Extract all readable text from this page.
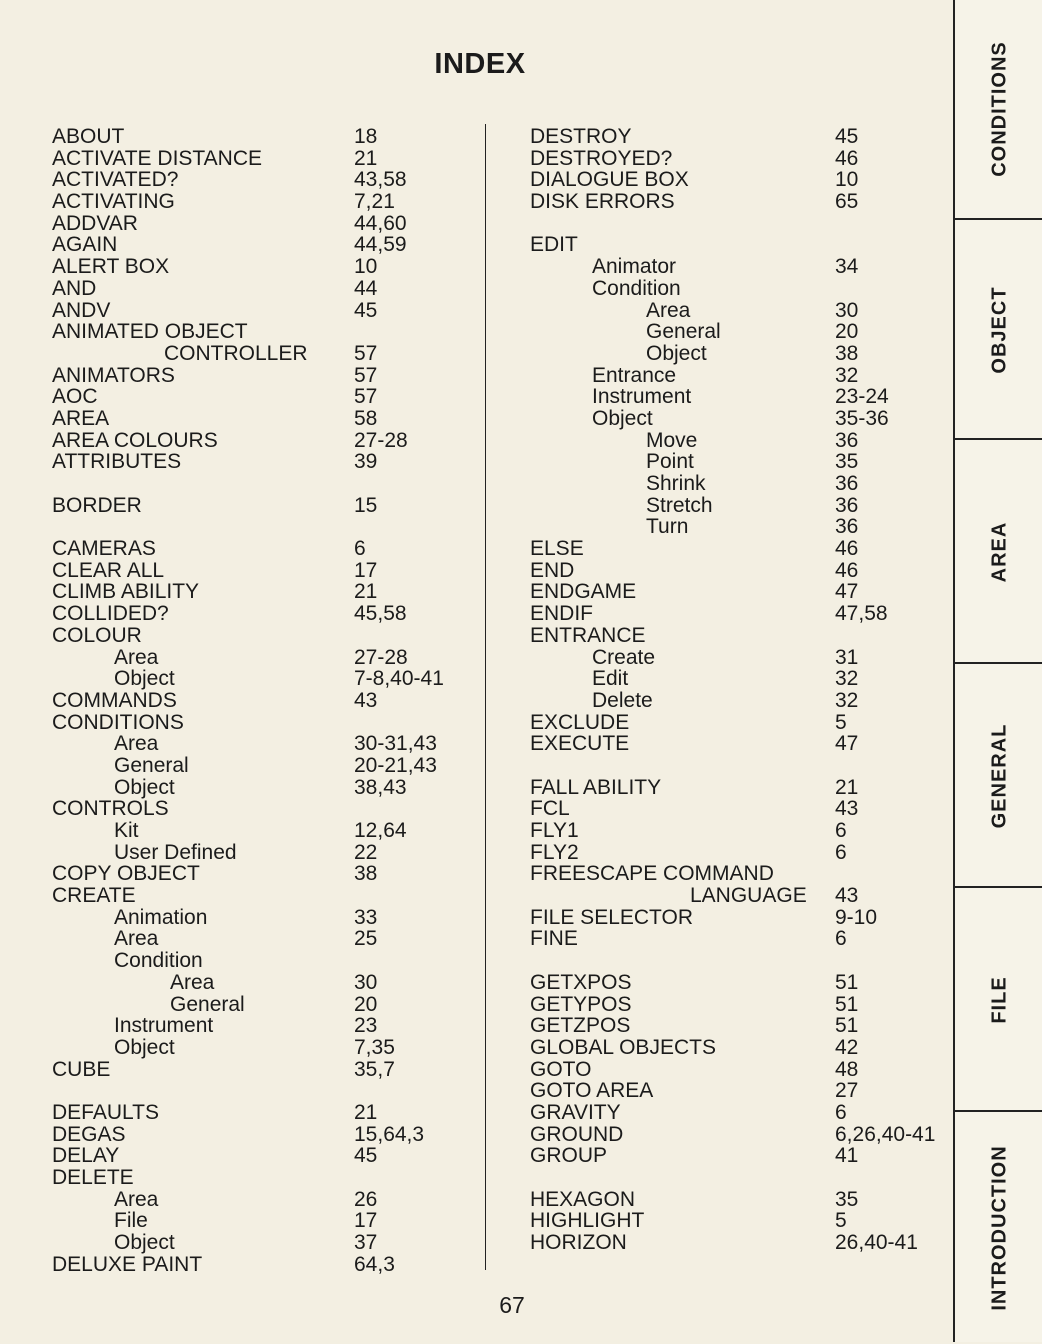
INDEX
ABOUT	18
ACTIVATE DISTANCE	21
ACTIVATED?	43,58
ACTIVATING	7,21
ADDVAR	44,60
AGAIN	44,59
ALERT BOX	10
AND	44
ANDV	45
ANIMATED OBJECT
CONTROLLER 57
ANIMATORS	57
AOC	57
AREA	58
AREA COLOURS	27-28
ATTRIBUTES	39
BORDER	15
CAMERAS	6
CLEAR ALL	17
CLIMB ABILITY	21
COLLIDED?	45,58
COLOUR
Area	27-28
Object	7-8,40-41
COMMANDS	43
CONDITIONS
Area	30-31,43
General	20-21,43
Object	38,43
CONTROLS
Kit	12,64
User Defined	22
COPY OBJECT	38
CREATE
Animation	33
Area	25
Condition
Area	30
General	20
Instrument	23
Object	7,35
CUBE	35,7
DEFAULTS	21
DEGAS	15,64,3
DELAY	45
DELETE
Area	26
File	17
Object	37
DELUXE PAINT	64,3
DESTROY	45
DESTROYED?	46
DIALOGUE BOX	10
DISK ERRORS	65
EDIT
Animator	34
Condition
Area	30
General	20
Object	38
Entrance	32
Instrument	23-24
Object	35-36
Move	36
Point	35
Shrink	36
Stretch	36
Turn	36
ELSE	46
END	46
ENDGAME	47
ENDIF	47,58
ENTRANCE
Create	31
Edit	32
Delete	32
EXCLUDE	5
EXECUTE	47
FALL ABILITY	21
FCL	43
FLY1	6
FLY2	6
FREESCAPE COMMAND
LANGUAGE 43
FILE SELECTOR	9-10
FINE	6
GETXPOS	51
GETYPOS	51
GETZPOS	51
GLOBAL OBJECTS	42
GOTO	48
GOTO AREA	27
GRAVITY	6
GROUND	6,26,40-41
GROUP	41
HEXAGON	35
HIGHLIGHT	5
HORIZON	26,40-41
67
CONDITIONS
OBJECT
AREA
GENERAL
FILE
INTRODUCTION
